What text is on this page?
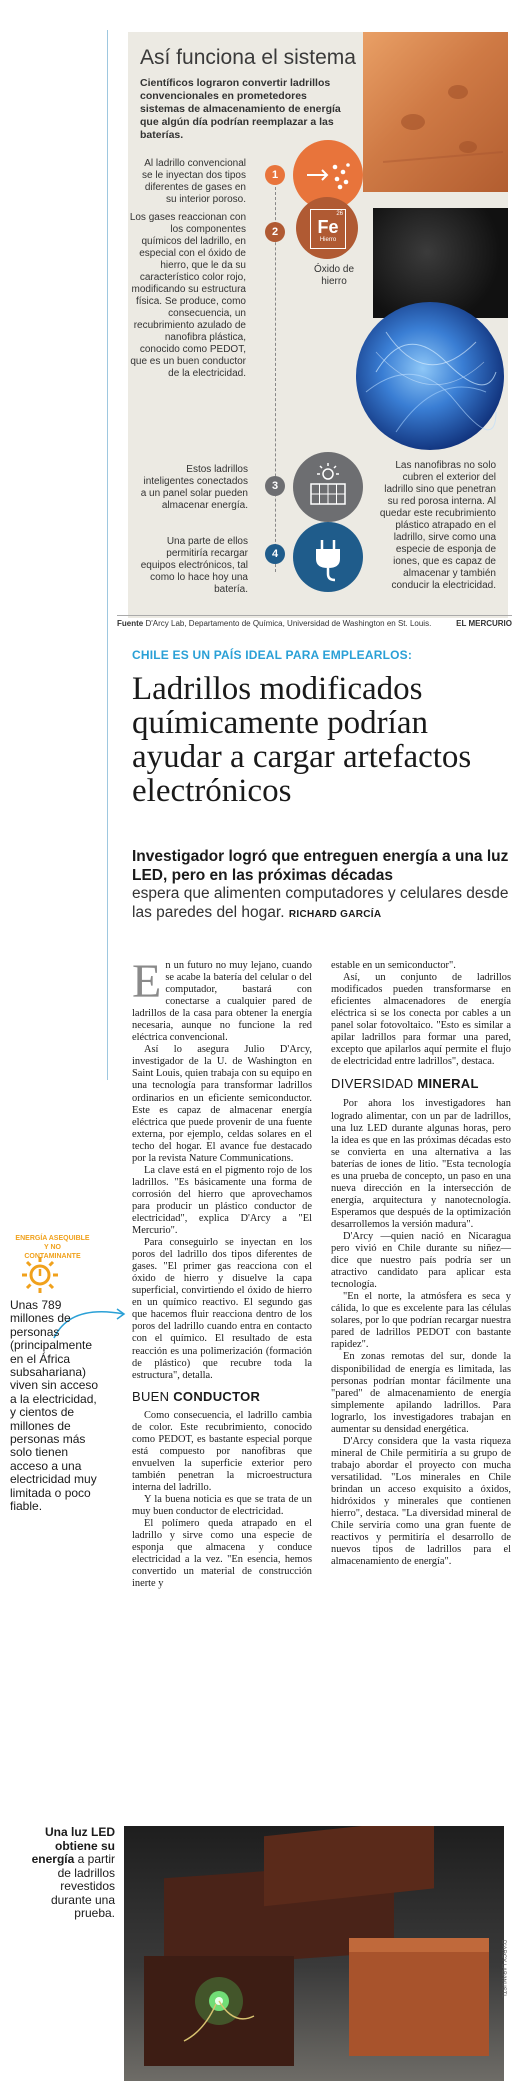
Así funciona el sistema
Científicos lograron convertir ladrillos convencionales en prometedores sistemas de almacenamiento de energía que algún día podrían reemplazar a las baterías.
Al ladrillo convencional se le inyectan dos tipos diferentes de gases en su interior poroso.
1
Los gases reaccionan con los componentes químicos del ladrillo, en especial con el óxido de hierro, que le da su característico color rojo, modificando su estructura física. Se produce, como consecuencia, un recubrimiento azulado de nanofibra plástica, conocido como PEDOT, que es un buen conductor de la electricidad.
2
26
Fe
Hierro
Óxido de hierro
Estos ladrillos inteligentes conectados a un panel solar pueden almacenar energía.
3
Las nanofibras no solo cubren el exterior del ladrillo sino que penetran su red porosa interna. Al quedar este recubrimiento plástico atrapado en el ladrillo, sirve como una especie de esponja de iones, que es capaz de almacenar y también conducir la electricidad.
Una parte de ellos permitiría recargar equipos electrónicos, tal como lo hace hoy una batería.
4
Fuente D'Arcy Lab, Departamento de Química, Universidad de Washington en St. Louis.	EL MERCURIO
CHILE ES UN PAÍS IDEAL PARA EMPLEARLOS:
Ladrillos modificados químicamente podrían ayudar a cargar artefactos electrónicos
Investigador logró que entreguen energía a una luz LED, pero en las próximas décadas
espera que alimenten computadores y celulares desde las paredes del hogar. RICHARD GARCÍA

En un futuro no muy lejano, cuando se acabe la batería del celular o del computador, bastará con conectarse a cualquier pared de ladrillos de la casa para obtener la energía necesaria, aunque no funcione la red eléctrica convencional.

Así lo asegura Julio D'Arcy, investigador de la U. de Washington en Saint Louis, quien trabaja con su equipo en una tecnología para transformar ladrillos ordinarios en un eficiente semiconductor. Este es capaz de almacenar energía eléctrica que puede provenir de una fuente externa, por ejemplo, celdas solares en el techo del hogar. El avance fue destacado por la revista Nature Communications.

La clave está en el pigmento rojo de los ladrillos. "Es básicamente una forma de corrosión del hierro que aprovechamos para producir un plástico conductor de electricidad", explica D'Arcy a "El Mercurio".

Para conseguirlo se inyectan en los poros del ladrillo dos tipos diferentes de gases. "El primer gas reacciona con el óxido de hierro y disuelve la capa superficial, convirtiendo el óxido de hierro en un químico reactivo. El segundo gas que hacemos fluir reacciona dentro de los poros del ladrillo cuando entra en contacto con el químico. El resultado de esta reacción es una polimerización (formación de plástico) que recubre toda la estructura", detalla.

BUEN CONDUCTOR

Como consecuencia, el ladrillo cambia de color. Este recubrimiento, conocido como PEDOT, es bastante especial porque está compuesto por nanofibras que envuelven la superficie exterior pero también penetran la microestructura interna del ladrillo.

Y la buena noticia es que se trata de un muy buen conductor de electricidad.

El polímero queda atrapado en el ladrillo y sirve como una especie de esponja que almacena y conduce electricidad a la vez. "En esencia, hemos convertido un material de construcción inerte y

estable en un semiconductor".

Así, un conjunto de ladrillos modificados pueden transformarse en eficientes almacenadores de energía eléctrica si se los conecta por cables a un panel solar fotovoltaico. "Esto es similar a apilar ladrillos para formar una pared, excepto que apilarlos aquí permite el flujo de electricidad entre ladrillos", destaca.

DIVERSIDAD MINERAL

Por ahora los investigadores han logrado alimentar, con un par de ladrillos, una luz LED durante algunas horas, pero la idea es que en las próximas décadas esto se convierta en una alternativa a las baterías de iones de litio. "Esta tecnología es una prueba de concepto, un paso en una nueva dirección en la intersección de energía, arquitectura y nanotecnología. Esperamos que después de la optimización desarrollemos la versión madura".

D'Arcy —quien nació en Nicaragua pero vivió en Chile durante su niñez— dice que nuestro país podría ser un atractivo candidato para aplicar esta tecnología.

"En el norte, la atmósfera es seca y cálida, lo que es excelente para las células solares, por lo que podrían recargar nuestra pared de ladrillos PEDOT con bastante rapidez".

En zonas remotas del sur, donde la disponibilidad de energía es limitada, las personas podrían montar fácilmente una "pared" de almacenamiento de energía simplemente apilando ladrillos. Para lograrlo, los investigadores trabajan en aumentar su densidad energética.

D'Arcy considera que la vasta riqueza mineral de Chile permitiría a su grupo de trabajo abordar el proyecto con mucha versatilidad. "Los minerales en Chile brindan un acceso exquisito a óxidos, hidróxidos y minerales que contienen hierro", destaca. "La diversidad mineral de Chile serviría como una gran fuente de reactivos y permitiría el desarrollo de nuevos tipos de ladrillos para el almacenamiento de energía".

ENERGÍA ASEQUIBLE Y NO CONTAMINANTE
Unas 789 millones de personas (principalmente en el África subsahariana) viven sin acceso a la electricidad, y cientos de millones de personas más solo tienen acceso a una electricidad muy limitada o poco fiable.
Una luz LED obtiene su energía a partir de ladrillos revestidos durante una prueba.
D'ARCY LAB/WUSTL
